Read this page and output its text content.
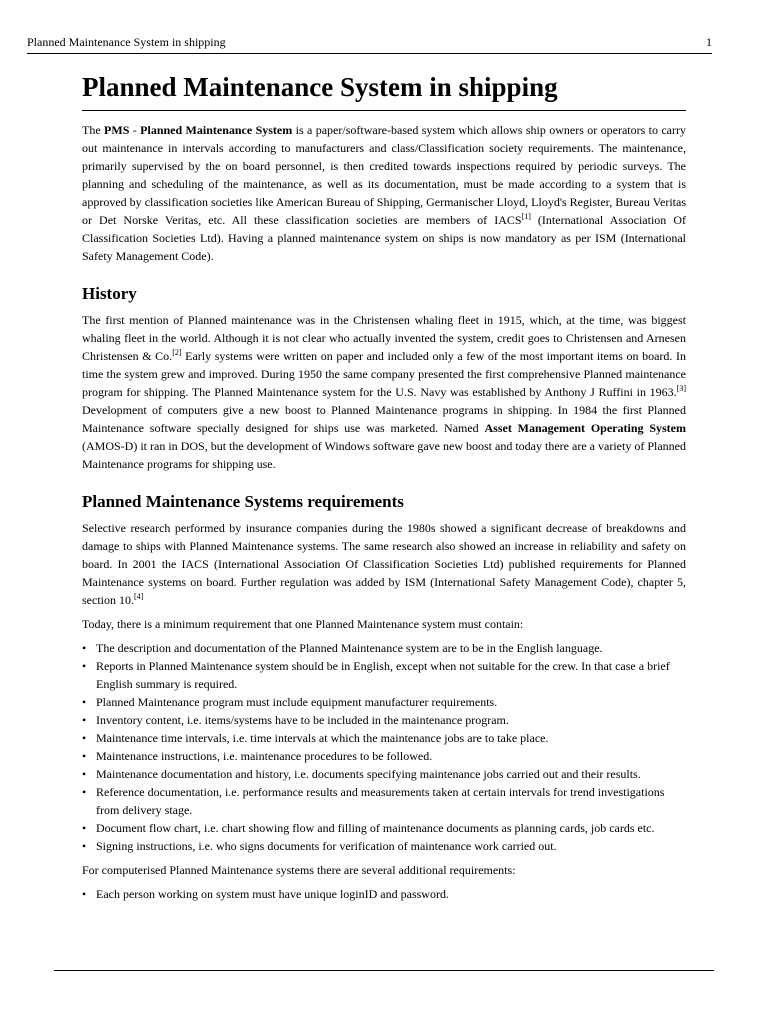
Planned Maintenance System in shipping	1
Planned Maintenance System in shipping

The PMS - Planned Maintenance System is a paper/software-based system which allows ship owners or operators to carry out maintenance in intervals according to manufacturers and class/Classification society requirements. The maintenance, primarily supervised by the on board personnel, is then credited towards inspections required by periodic surveys. The planning and scheduling of the maintenance, as well as its documentation, must be made according to a system that is approved by classification societies like American Bureau of Shipping, Germanischer Lloyd, Lloyd's Register, Bureau Veritas or Det Norske Veritas, etc. All these classification societies are members of IACS[1] (International Association Of Classification Societies Ltd). Having a planned maintenance system on ships is now mandatory as per ISM (International Safety Management Code).

History

The first mention of Planned maintenance was in the Christensen whaling fleet in 1915, which, at the time, was biggest whaling fleet in the world. Although it is not clear who actually invented the system, credit goes to Christensen and Arnesen Christensen & Co.[2] Early systems were written on paper and included only a few of the most important items on board. In time the system grew and improved. During 1950 the same company presented the first comprehensive Planned maintenance program for shipping. The Planned Maintenance system for the U.S. Navy was established by Anthony J Ruffini in 1963.[3] Development of computers give a new boost to Planned Maintenance programs in shipping. In 1984 the first Planned Maintenance software specially designed for ships use was marketed. Named Asset Management Operating System (AMOS-D) it ran in DOS, but the development of Windows software gave new boost and today there are a variety of Planned Maintenance programs for shipping use.

Planned Maintenance Systems requirements

Selective research performed by insurance companies during the 1980s showed a significant decrease of breakdowns and damage to ships with Planned Maintenance systems. The same research also showed an increase in reliability and safety on board. In 2001 the IACS (International Association Of Classification Societies Ltd) published requirements for Planned Maintenance systems on board. Further regulation was added by ISM (International Safety Management Code), chapter 5, section 10.[4]

Today, there is a minimum requirement that one Planned Maintenance system must contain:

• The description and documentation of the Planned Maintenance system are to be in the English language.
• Reports in Planned Maintenance system should be in English, except when not suitable for the crew. In that case a brief English summary is required.
• Planned Maintenance program must include equipment manufacturer requirements.
• Inventory content, i.e. items/systems have to be included in the maintenance program.
• Maintenance time intervals, i.e. time intervals at which the maintenance jobs are to take place.
• Maintenance instructions, i.e. maintenance procedures to be followed.
• Maintenance documentation and history, i.e. documents specifying maintenance jobs carried out and their results.
• Reference documentation, i.e. performance results and measurements taken at certain intervals for trend investigations from delivery stage.
• Document flow chart, i.e. chart showing flow and filling of maintenance documents as planning cards, job cards etc.
• Signing instructions, i.e. who signs documents for verification of maintenance work carried out.

For computerised Planned Maintenance systems there are several additional requirements:

• Each person working on system must have unique loginID and password.
